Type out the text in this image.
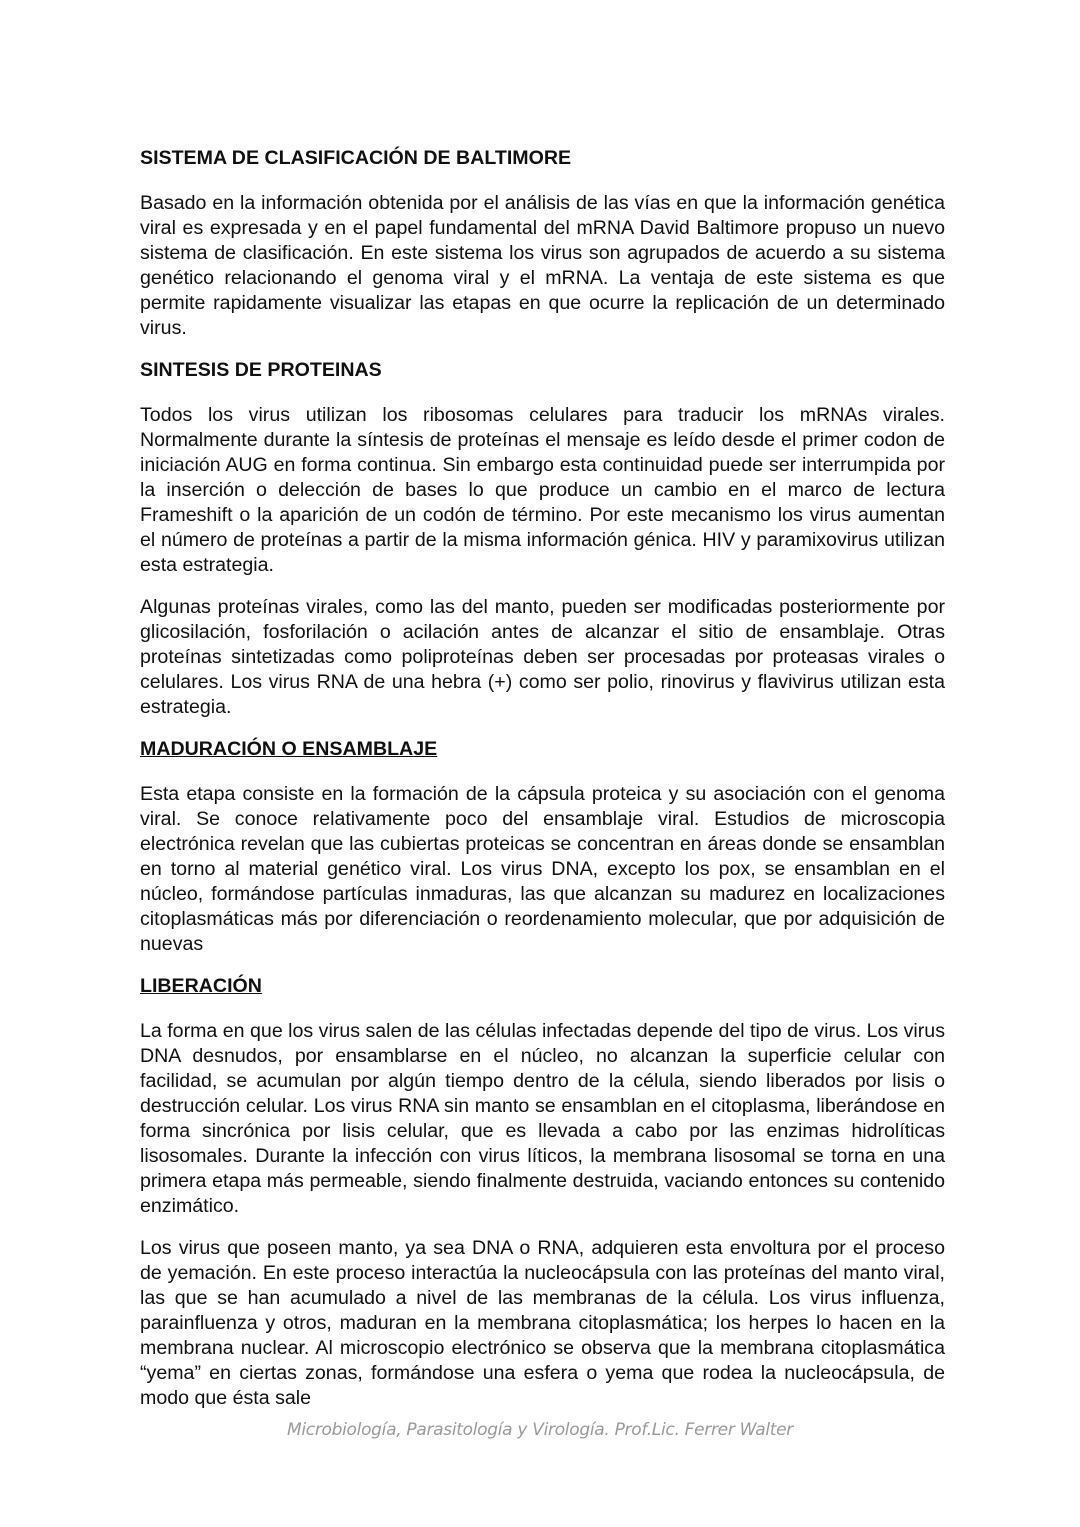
SISTEMA DE CLASIFICACIÓN DE BALTIMORE

Basado en la información obtenida por el análisis de las vías en que la información genética viral es expresada y en el papel fundamental del mRNA David Baltimore propuso un nuevo sistema de clasificación. En este sistema los virus son agrupados de acuerdo a su sistema genético relacionando el genoma viral y el mRNA. La ventaja de este sistema es que permite rapidamente visualizar las etapas en que ocurre la replicación de un determinado virus.

SINTESIS DE PROTEINAS

Todos los virus utilizan los ribosomas celulares para traducir los mRNAs virales. Normalmente durante la síntesis de proteínas el mensaje es leído desde el primer codon de iniciación AUG en forma continua. Sin embargo esta continuidad puede ser interrumpida por la inserción o delección de bases lo que produce un cambio en el marco de lectura Frameshift o la aparición de un codón de término. Por este mecanismo los virus aumentan el número de proteínas a partir de la misma información génica. HIV y paramixovirus utilizan esta estrategia.

Algunas proteínas virales, como las del manto, pueden ser modificadas posteriormente por glicosilación, fosforilación o acilación antes de alcanzar el sitio de ensamblaje. Otras proteínas sintetizadas como poliproteínas deben ser procesadas por proteasas virales o celulares. Los virus RNA de una hebra (+) como ser polio, rinovirus y flavivirus utilizan esta estrategia.

MADURACIÓN O ENSAMBLAJE

Esta etapa consiste en la formación de la cápsula proteica y su asociación con el genoma viral. Se conoce relativamente poco del ensamblaje viral. Estudios de microscopia electrónica revelan que las cubiertas proteicas se concentran en áreas donde se ensamblan en torno al material genético viral. Los virus DNA, excepto los pox, se ensamblan en el núcleo, formándose partículas inmaduras, las que alcanzan su madurez en localizaciones citoplasmáticas más por diferenciación o reordenamiento molecular, que por adquisición de nuevas

LIBERACIÓN

La forma en que los virus salen de las células infectadas depende del tipo de virus. Los virus DNA desnudos, por ensamblarse en el núcleo, no alcanzan la superficie celular con facilidad, se acumulan por algún tiempo dentro de la célula, siendo liberados por lisis o destrucción celular. Los virus RNA sin manto se ensamblan en el citoplasma, liberándose en forma sincrónica por lisis celular, que es llevada a cabo por las enzimas hidrolíticas lisosomales. Durante la infección con virus líticos, la membrana lisosomal se torna en una primera etapa más permeable, siendo finalmente destruida, vaciando entonces su contenido enzimático.

Los virus que poseen manto, ya sea DNA o RNA, adquieren esta envoltura por el proceso de yemación. En este proceso interactúa la nucleocápsula con las proteínas del manto viral, las que se han acumulado a nivel de las membranas de la célula. Los virus influenza, parainfluenza y otros, maduran en la membrana citoplasmática; los herpes lo hacen en la membrana nuclear. Al microscopio electrónico se observa que la membrana citoplasmática “yema” en ciertas zonas, formándose una esfera o yema que rodea la nucleocápsula, de modo que ésta sale

Microbiología, Parasitología y Virología. Prof.Lic. Ferrer Walter
